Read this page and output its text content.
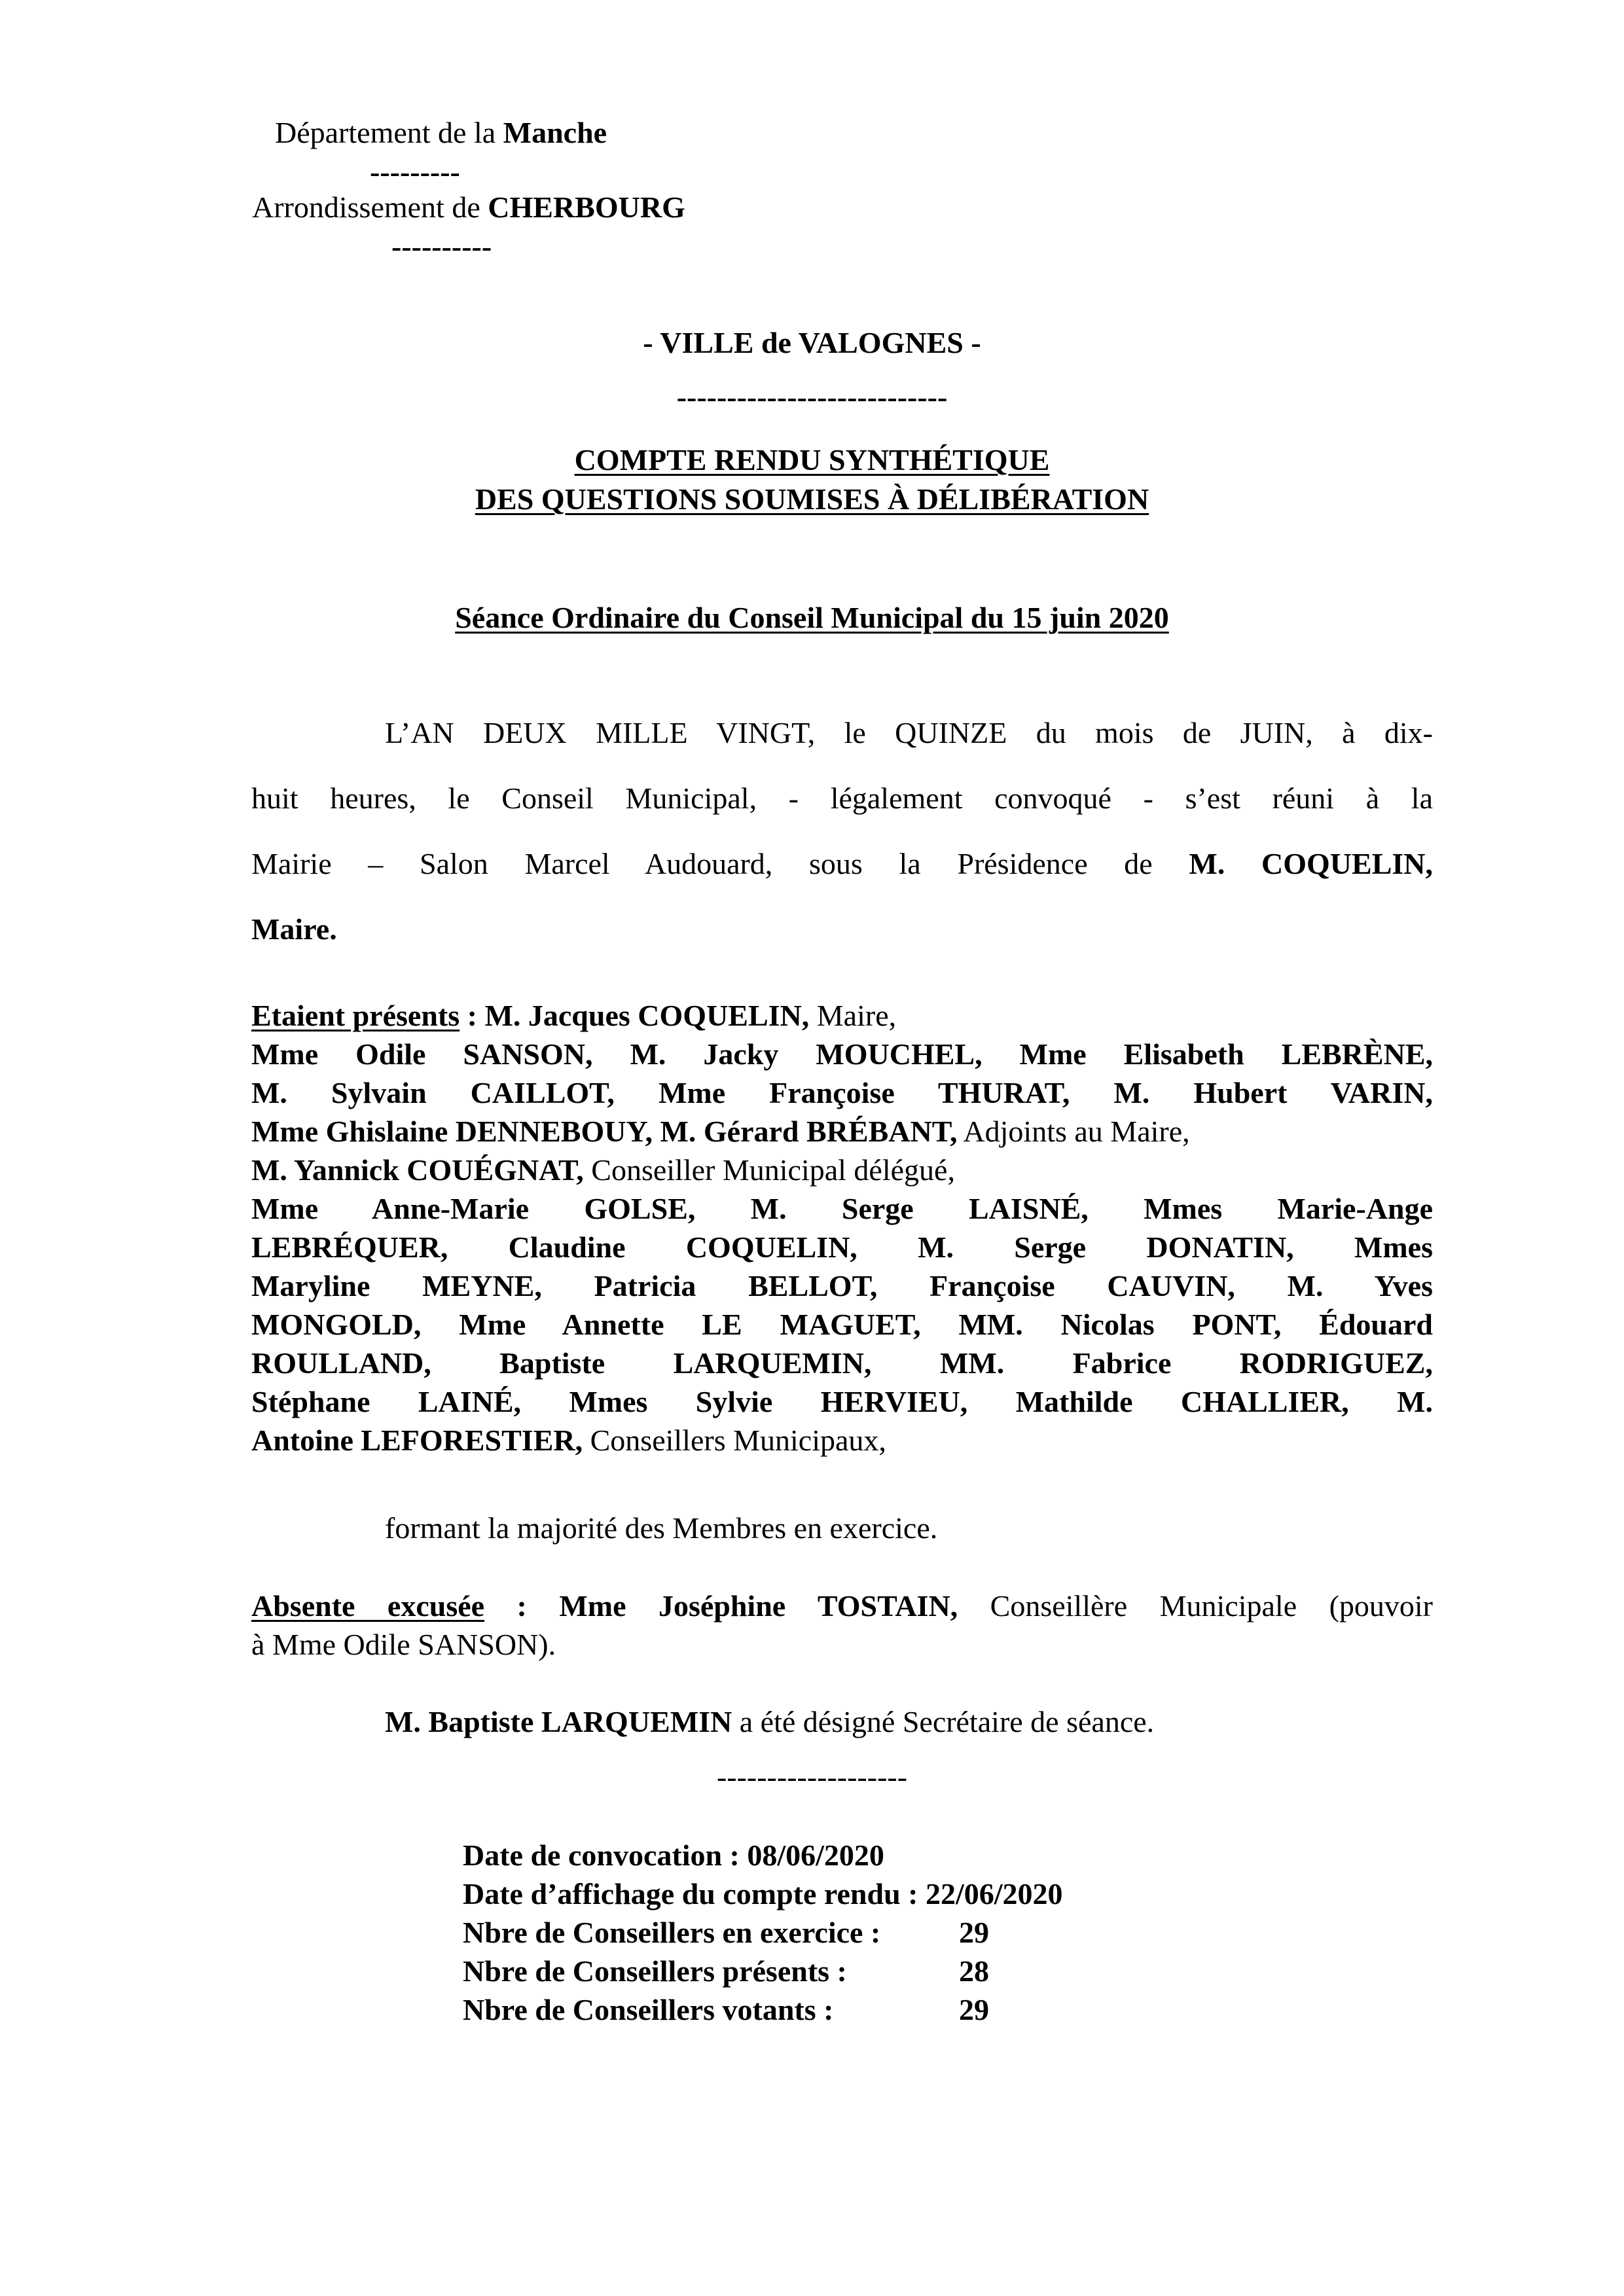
Département de la Manche
---------
Arrondissement de CHERBOURG
----------
- VILLE de VALOGNES -
---------------------------
COMPTE RENDU SYNTHÉTIQUE
DES QUESTIONS SOUMISES À DÉLIBÉRATION
Séance Ordinaire du Conseil Municipal du 15 juin 2020
L’AN DEUX MILLE VINGT, le QUINZE du mois de JUIN, à dix-
huit heures, le Conseil Municipal, - légalement convoqué - s’est réuni à la
Mairie – Salon Marcel Audouard, sous la Présidence de M. COQUELIN,
Maire.
Etaient présents : M. Jacques COQUELIN, Maire,
Mme Odile SANSON, M. Jacky MOUCHEL, Mme Elisabeth LEBRÈNE,
M. Sylvain CAILLOT, Mme Françoise THURAT, M. Hubert VARIN,
Mme Ghislaine DENNEBOUY, M. Gérard BRÉBANT, Adjoints au Maire,
M. Yannick COUÉGNAT, Conseiller Municipal délégué,
Mme Anne-Marie GOLSE, M. Serge LAISNÉ, Mmes Marie-Ange
LEBRÉQUER, Claudine COQUELIN, M. Serge DONATIN, Mmes
Maryline MEYNE, Patricia BELLOT, Françoise CAUVIN, M. Yves
MONGOLD, Mme Annette LE MAGUET, MM. Nicolas PONT, Édouard
ROULLAND, Baptiste LARQUEMIN, MM. Fabrice RODRIGUEZ,
Stéphane LAINÉ, Mmes Sylvie HERVIEU, Mathilde CHALLIER, M.
Antoine LEFORESTIER, Conseillers Municipaux,
formant la majorité des Membres en exercice.
Absente excusée : Mme Joséphine TOSTAIN, Conseillère Municipale (pouvoir
à Mme Odile SANSON).
M. Baptiste LARQUEMIN a été désigné Secrétaire de séance.
-------------------
Date de convocation : 08/06/2020
Date d’affichage du compte rendu : 22/06/2020
Nbre de Conseillers en exercice :	29
Nbre de Conseillers présents :	28
Nbre de Conseillers votants :	29
